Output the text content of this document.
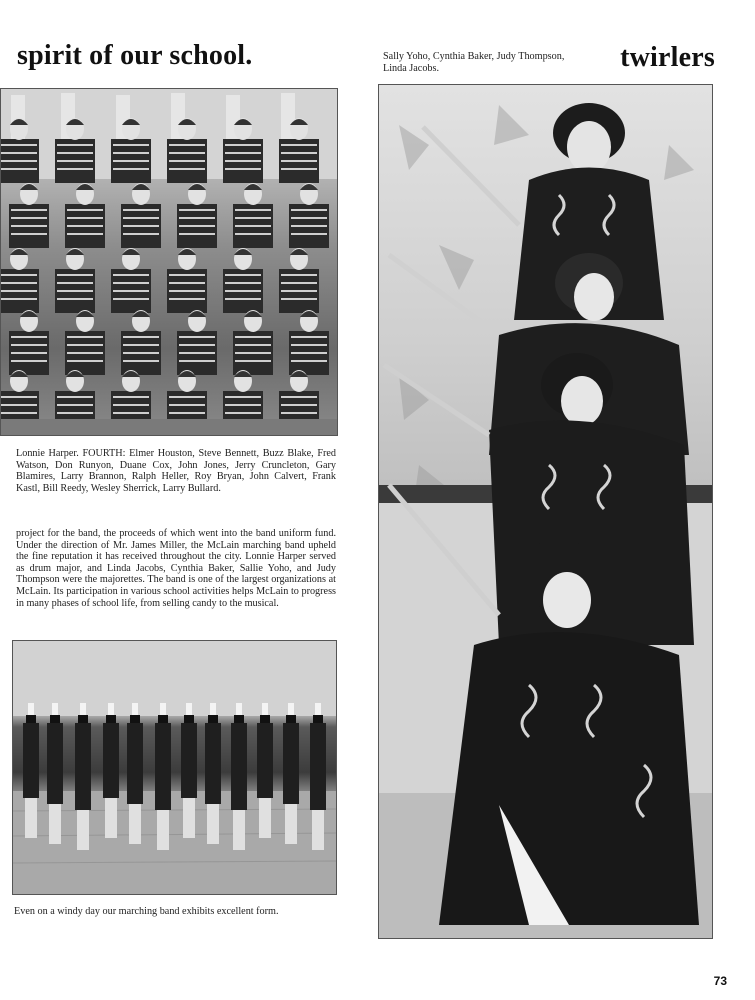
spirit of our school.	twirlers

Sally Yoho, Cynthia Baker, Judy Thompson, Linda Jacobs.

Lonnie Harper. FOURTH: Elmer Houston, Steve Bennett, Buzz Blake, Fred Watson, Don Runyon, Duane Cox, John Jones, Jerry Cruncleton, Gary Blamires, Larry Brannon, Ralph Heller, Roy Bryan, John Calvert, Frank Kastl, Bill Reedy, Wesley Sherrick, Larry Bullard.

project for the band, the proceeds of which went into the band uniform fund. Under the direction of Mr. James Miller, the McLain marching band upheld the fine reputation it has received throughout the city. Lonnie Harper served as drum major, and Linda Jacobs, Cynthia Baker, Sallie Yoho, and Judy Thompson were the majorettes. The band is one of the largest organizations at McLain. Its participation in various school activities helps McLain to progress in many phases of school life, from selling candy to the musical.

Even on a windy day our marching band exhibits excellent form.

73
